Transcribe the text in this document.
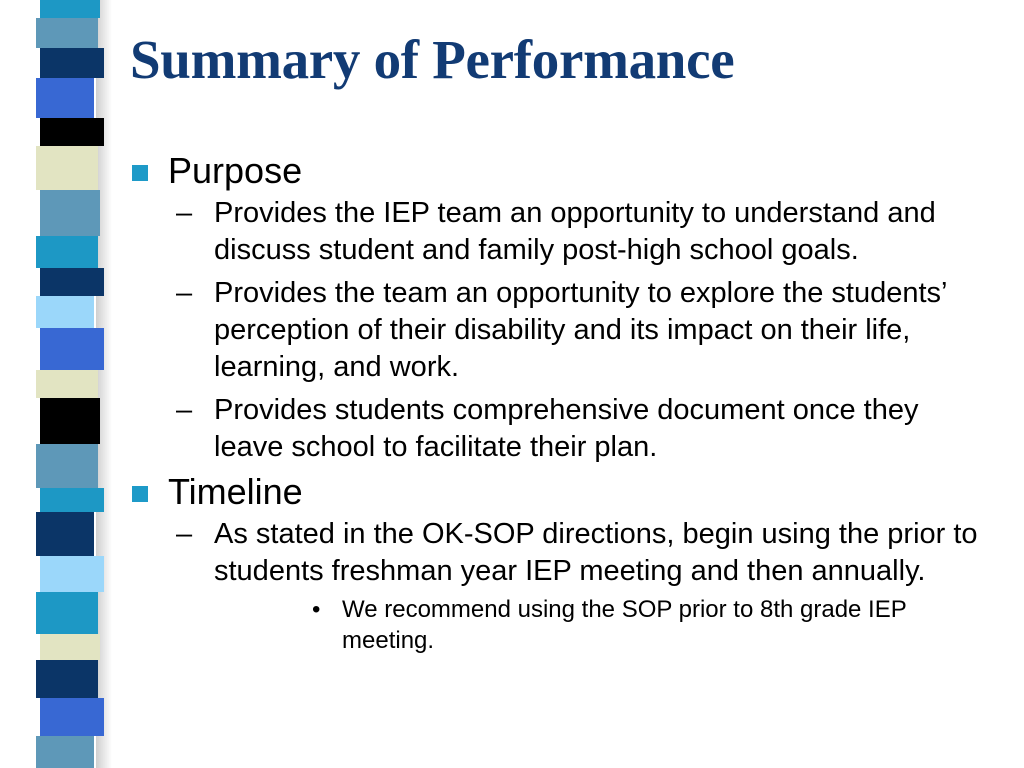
Summary of Performance
Purpose
– Provides the IEP team an opportunity to understand and discuss student and family post-high school goals.
– Provides the team an opportunity to explore the students’ perception of their disability and its impact on their life, learning, and work.
– Provides students comprehensive document once they leave school to facilitate their plan.
Timeline
– As stated in the OK-SOP directions, begin using the prior to students freshman year IEP meeting and then annually.
• We recommend using the SOP prior to 8th grade IEP meeting.
